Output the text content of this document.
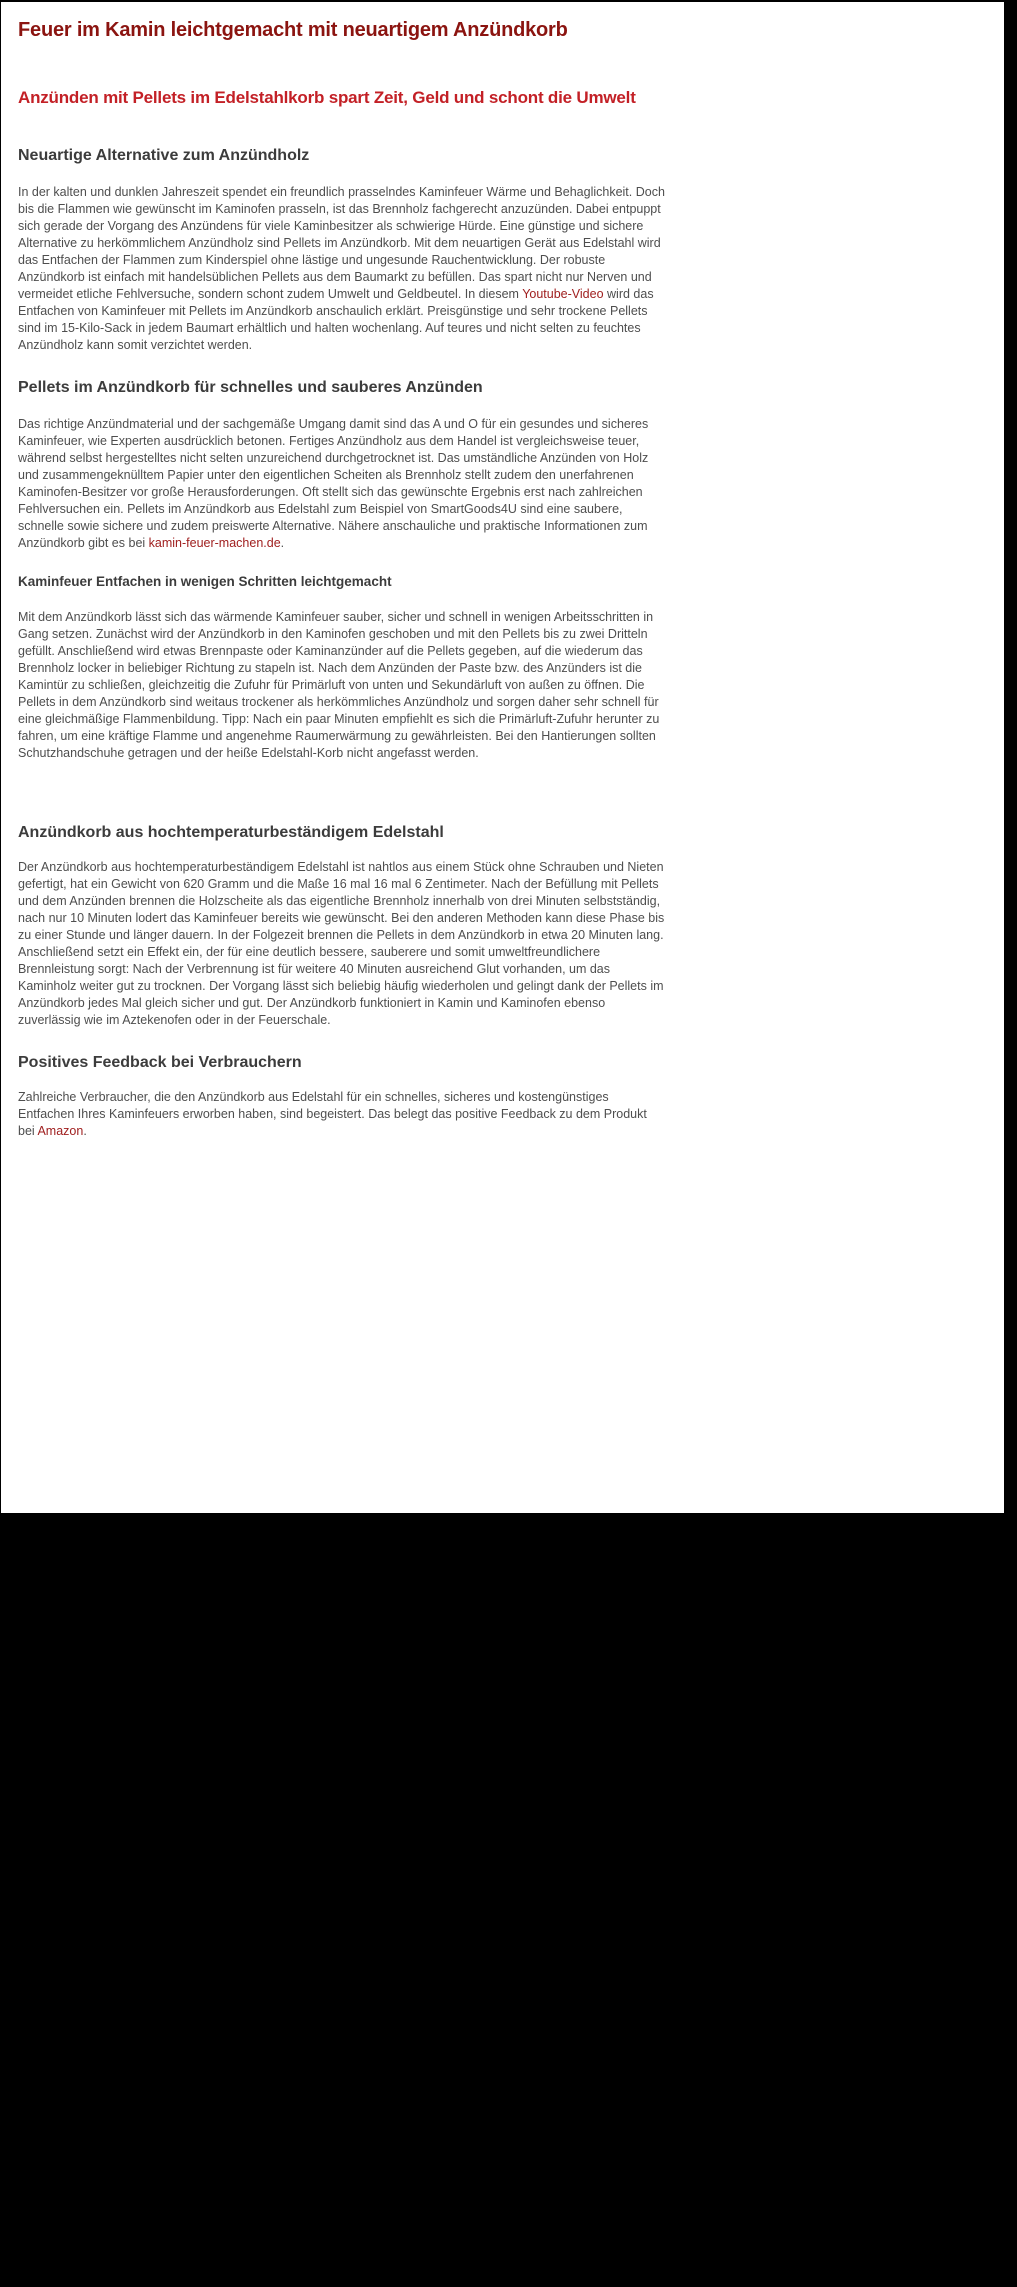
Feuer im Kamin leichtgemacht mit neuartigem Anzündkorb
Anzünden mit Pellets im Edelstahlkorb spart Zeit, Geld und schont die Umwelt
Neuartige Alternative zum Anzündholz

In der kalten und dunklen Jahreszeit spendet ein freundlich prasselndes Kaminfeuer Wärme und Behaglichkeit. Doch bis die Flammen wie gewünscht im Kaminofen prasseln, ist das Brennholz fachgerecht anzuzünden. Dabei entpuppt sich gerade der Vorgang des Anzündens für viele Kaminbesitzer als schwierige Hürde. Eine günstige und sichere Alternative zu herkömmlichem Anzündholz sind Pellets im Anzündkorb. Mit dem neuartigen Gerät aus Edelstahl wird das Entfachen der Flammen zum Kinderspiel ohne lästige und ungesunde Rauchentwicklung. Der robuste Anzündkorb ist einfach mit handelsüblichen Pellets aus dem Baumarkt zu befüllen. Das spart nicht nur Nerven und vermeidet etliche Fehlversuche, sondern schont zudem Umwelt und Geldbeutel. In diesem Youtube-Video wird das Entfachen von Kaminfeuer mit Pellets im Anzündkorb anschaulich erklärt. Preisgünstige und sehr trockene Pellets sind im 15-Kilo-Sack in jedem Baumart erhältlich und halten wochenlang. Auf teures und nicht selten zu feuchtes Anzündholz kann somit verzichtet werden.

Pellets im Anzündkorb für schnelles und sauberes Anzünden

Das richtige Anzündmaterial und der sachgemäße Umgang damit sind das A und O für ein gesundes und sicheres Kaminfeuer, wie Experten ausdrücklich betonen. Fertiges Anzündholz aus dem Handel ist vergleichsweise teuer, während selbst hergestelltes nicht selten unzureichend durchgetrocknet ist. Das umständliche Anzünden von Holz und zusammengeknülltem Papier unter den eigentlichen Scheiten als Brennholz stellt zudem den unerfahrenen Kaminofen-Besitzer vor große Herausforderungen. Oft stellt sich das gewünschte Ergebnis erst nach zahlreichen Fehlversuchen ein. Pellets im Anzündkorb aus Edelstahl zum Beispiel von SmartGoods4U sind eine saubere, schnelle sowie sichere und zudem preiswerte Alternative. Nähere anschauliche und praktische Informationen zum Anzündkorb gibt es bei kamin-feuer-machen.de.

Kaminfeuer Entfachen in wenigen Schritten leichtgemacht

Mit dem Anzündkorb lässt sich das wärmende Kaminfeuer sauber, sicher und schnell in wenigen Arbeitsschritten in Gang setzen. Zunächst wird der Anzündkorb in den Kaminofen geschoben und mit den Pellets bis zu zwei Dritteln gefüllt. Anschließend wird etwas Brennpaste oder Kaminanzünder auf die Pellets gegeben, auf die wiederum das Brennholz locker in beliebiger Richtung zu stapeln ist. Nach dem Anzünden der Paste bzw. des Anzünders ist die Kamintür zu schließen, gleichzeitig die Zufuhr für Primärluft von unten und Sekundärluft von außen zu öffnen. Die Pellets in dem Anzündkorb sind weitaus trockener als herkömmliches Anzündholz und sorgen daher sehr schnell für eine gleichmäßige Flammenbildung. Tipp: Nach ein paar Minuten empfiehlt es sich die Primärluft-Zufuhr herunter zu fahren, um eine kräftige Flamme und angenehme Raumerwärmung zu gewährleisten. Bei den Hantierungen sollten Schutzhandschuhe getragen und der heiße Edelstahl-Korb nicht angefasst werden.

Anzündkorb aus hochtemperaturbeständigem Edelstahl

Der Anzündkorb aus hochtemperaturbeständigem Edelstahl ist nahtlos aus einem Stück ohne Schrauben und Nieten gefertigt, hat ein Gewicht von 620 Gramm und die Maße 16 mal 16 mal 6 Zentimeter. Nach der Befüllung mit Pellets und dem Anzünden brennen die Holzscheite als das eigentliche Brennholz innerhalb von drei Minuten selbstständig, nach nur 10 Minuten lodert das Kaminfeuer bereits wie gewünscht. Bei den anderen Methoden kann diese Phase bis zu einer Stunde und länger dauern. In der Folgezeit brennen die Pellets in dem Anzündkorb in etwa 20 Minuten lang. Anschließend setzt ein Effekt ein, der für eine deutlich bessere, sauberere und somit umweltfreundlichere Brennleistung sorgt: Nach der Verbrennung ist für weitere 40 Minuten ausreichend Glut vorhanden, um das Kaminholz weiter gut zu trocknen. Der Vorgang lässt sich beliebig häufig wiederholen und gelingt dank der Pellets im Anzündkorb jedes Mal gleich sicher und gut. Der Anzündkorb funktioniert in Kamin und Kaminofen ebenso zuverlässig wie im Aztekenofen oder in der Feuerschale.

Positives Feedback bei Verbrauchern

Zahlreiche Verbraucher, die den Anzündkorb aus Edelstahl für ein schnelles, sicheres und kostengünstiges Entfachen Ihres Kaminfeuers erworben haben, sind begeistert. Das belegt das positive Feedback zu dem Produkt bei Amazon.
